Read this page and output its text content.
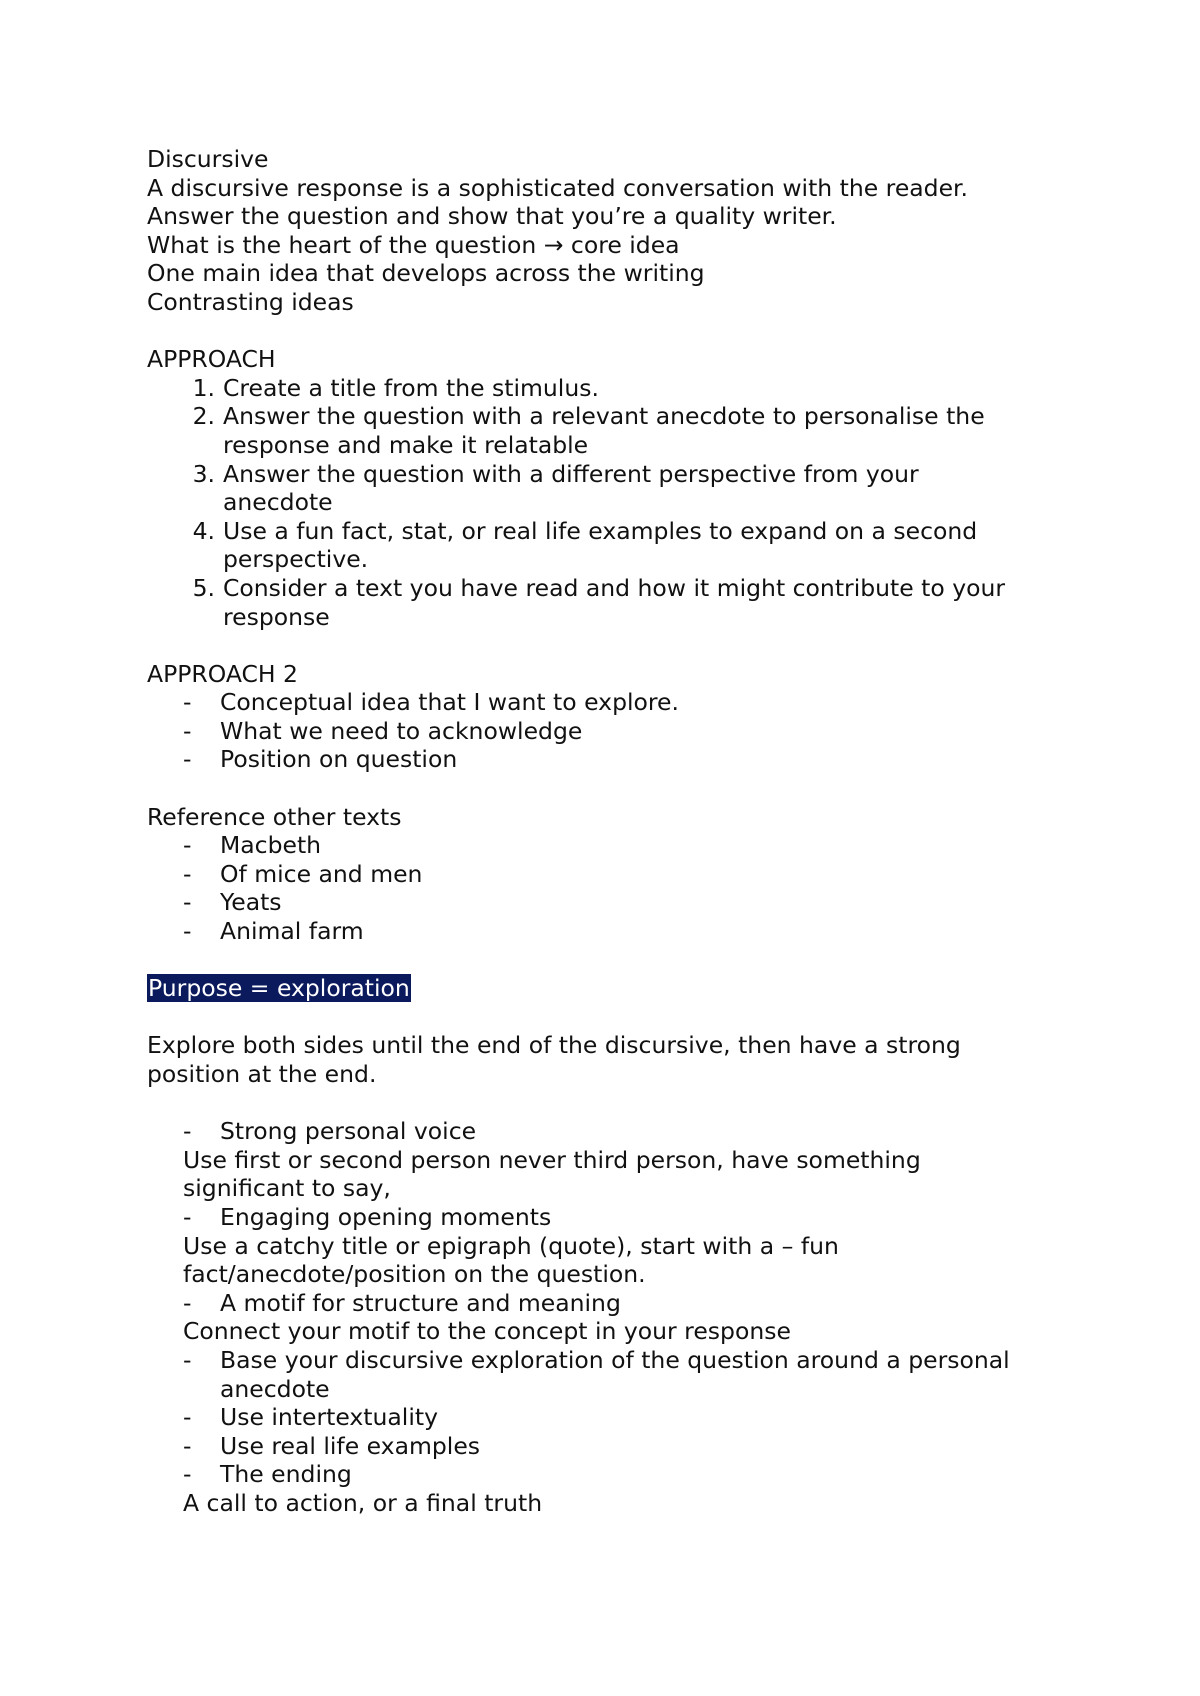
Discursive
A discursive response is a sophisticated conversation with the reader.
Answer the question and show that you’re a quality writer.
What is the heart of the question → core idea
One main idea that develops across the writing
Contrasting ideas
APPROACH
1. Create a title from the stimulus.
2. Answer the question with a relevant anecdote to personalise the response and make it relatable
3. Answer the question with a different perspective from your anecdote
4. Use a fun fact, stat, or real life examples to expand on a second perspective.
5. Consider a text you have read and how it might contribute to your response
APPROACH 2
-	Conceptual idea that I want to explore.
-	What we need to acknowledge
-	Position on question
Reference other texts
-	Macbeth
-	Of mice and men
-	Yeats
-	Animal farm
Purpose = exploration
Explore both sides until the end of the discursive, then have a strong position at the end.
-	Strong personal voice
Use first or second person never third person, have something significant to say,
-	Engaging opening moments
Use a catchy title or epigraph (quote), start with a – fun fact/anecdote/position on the question.
-	A motif for structure and meaning
Connect your motif to the concept in your response
-	Base your discursive exploration of the question around a personal anecdote
-	Use intertextuality
-	Use real life examples
-	The ending
A call to action, or a final truth
